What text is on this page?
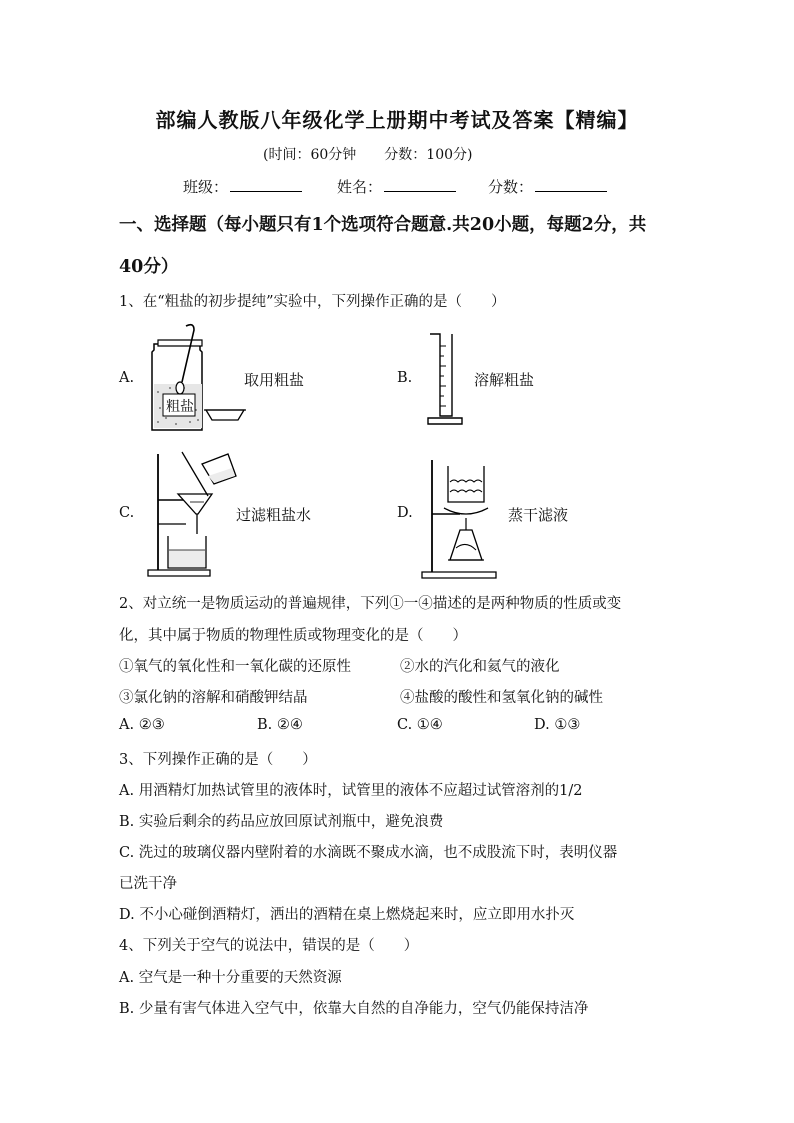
部编人教版八年级化学上册期中考试及答案【精编】
(时间：60分钟 分数：100分)
班级：	姓名：	分数：
一、选择题（每小题只有1个选项符合题意.共20小题，每题2分，共
40分）
1、在“粗盐的初步提纯”实验中，下列操作正确的是（　　）
A.
粗盐
取用粗盐	B.	溶解粗盐
C.	过滤粗盐水	D.	蒸干滤液
2、对立统一是物质运动的普遍规律，下列①一④描述的是两种物质的性质或变
化，其中属于物质的物理性质或物理变化的是（　　）
①氧气的氧化性和一氧化碳的还原性	②水的汽化和氦气的液化
③氯化钠的溶解和硝酸钾结晶	④盐酸的酸性和氢氧化钠的碱性
A. ②③	B. ②④	C. ①④	D. ①③
3、下列操作正确的是（　　）
A. 用酒精灯加热试管里的液体时，试管里的液体不应超过试管溶剂的1/2
B. 实验后剩余的药品应放回原试剂瓶中，避免浪费
C. 洗过的玻璃仪器内壁附着的水滴既不聚成水滴，也不成股流下时，表明仪器
已洗干净
D. 不小心碰倒酒精灯，洒出的酒精在桌上燃烧起来时，应立即用水扑灭
4、下列关于空气的说法中，错误的是（　　）
A. 空气是一种十分重要的天然资源
B. 少量有害气体进入空气中，依靠大自然的自净能力，空气仍能保持洁净
